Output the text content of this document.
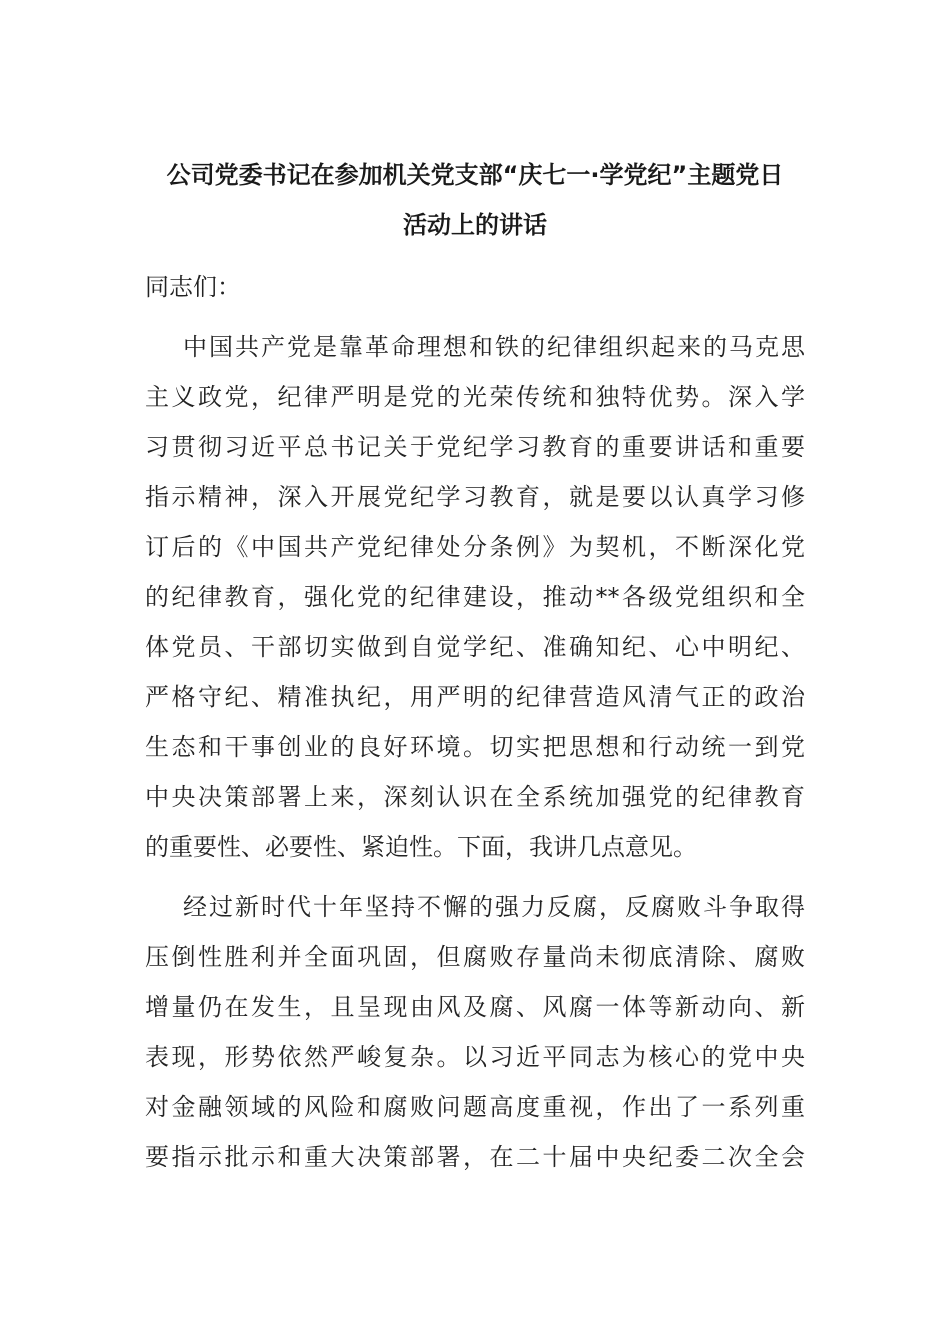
公司党委书记在参加机关党支部“庆七一·学党纪”主题党日
活动上的讲话

同志们：

中国共产党是靠革命理想和铁的纪律组织起来的马克思
主义政党，纪律严明是党的光荣传统和独特优势。深入学
习贯彻习近平总书记关于党纪学习教育的重要讲话和重要
指示精神，深入开展党纪学习教育，就是要以认真学习修
订后的《中国共产党纪律处分条例》为契机，不断深化党
的纪律教育，强化党的纪律建设，推动**各级党组织和全
体党员、干部切实做到自觉学纪、准确知纪、心中明纪、
严格守纪、精准执纪，用严明的纪律营造风清气正的政治
生态和干事创业的良好环境。切实把思想和行动统一到党
中央决策部署上来，深刻认识在全系统加强党的纪律教育
的重要性、必要性、紧迫性。下面，我讲几点意见。
经过新时代十年坚持不懈的强力反腐，反腐败斗争取得
压倒性胜利并全面巩固，但腐败存量尚未彻底清除、腐败
增量仍在发生，且呈现由风及腐、风腐一体等新动向、新
表现，形势依然严峻复杂。以习近平同志为核心的党中央
对金融领域的风险和腐败问题高度重视，作出了一系列重
要指示批示和重大决策部署，在二十届中央纪委二次全会
